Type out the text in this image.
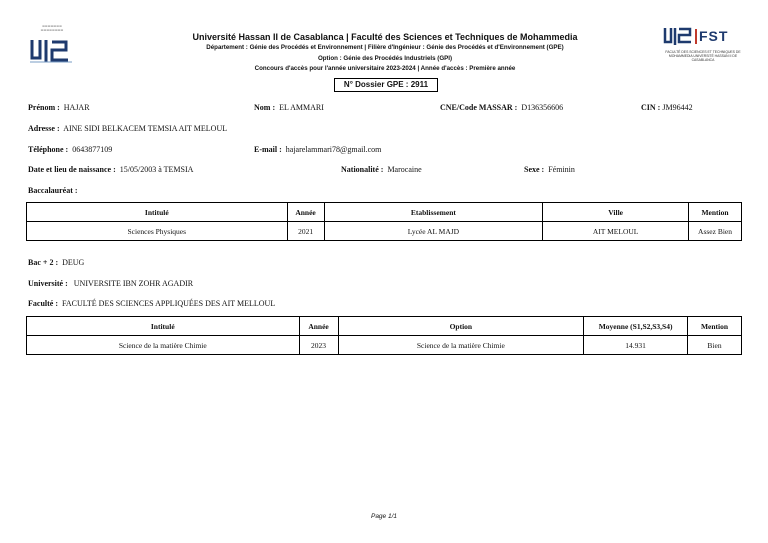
▬▬▬▬▬▬▬
▬▬▬▬▬▬▬▬
Université Hassan II de Casablanca | Faculté des Sciences et Techniques de Mohammedia
Département : Génie des Procédés et Environnement | Filière d'Ingénieur : Génie des Procédés et d'Environnement (GPE)
Option : Génie des Procédés Industriels (GPI)
Concours d'accès pour l'année universitaire 2023-2024 | Année d'accès : Première année
N° Dossier GPE : 2911
FST
FACULTÉ DES SCIENCES ET TECHNIQUES DE MOHAMMEDIA UNIVERSITÉ HASSAN II DE CASABLANCA
Prénom : HAJAR	Nom : EL AMMARI	CNE/Code MASSAR : D136356606	CIN : JM96442
Adresse : AINE SIDI BELKACEM TEMSIA AIT MELOUL
Téléphone : 0643877109	E-mail : hajarelammari78@gmail.com
Date et lieu de naissance : 15/05/2003 à TEMSIA	Nationalité : Marocaine	Sexe : Féminin
Baccalauréat :
Intitulé	Année	Etablissement	Ville	Mention
Sciences Physiques	2021	Lycée AL MAJD	AIT MELOUL	Assez Bien
Bac + 2 : DEUG
Université : UNIVERSITE IBN ZOHR AGADIR
Faculté : FACULTÉ DES SCIENCES APPLIQUÉES DES AIT MELLOUL
Intitulé	Année	Option	Moyenne (S1,S2,S3,S4)	Mention
Science de la matière Chimie	2023	Science de la matière Chimie	14.931	Bien
Page 1/1
